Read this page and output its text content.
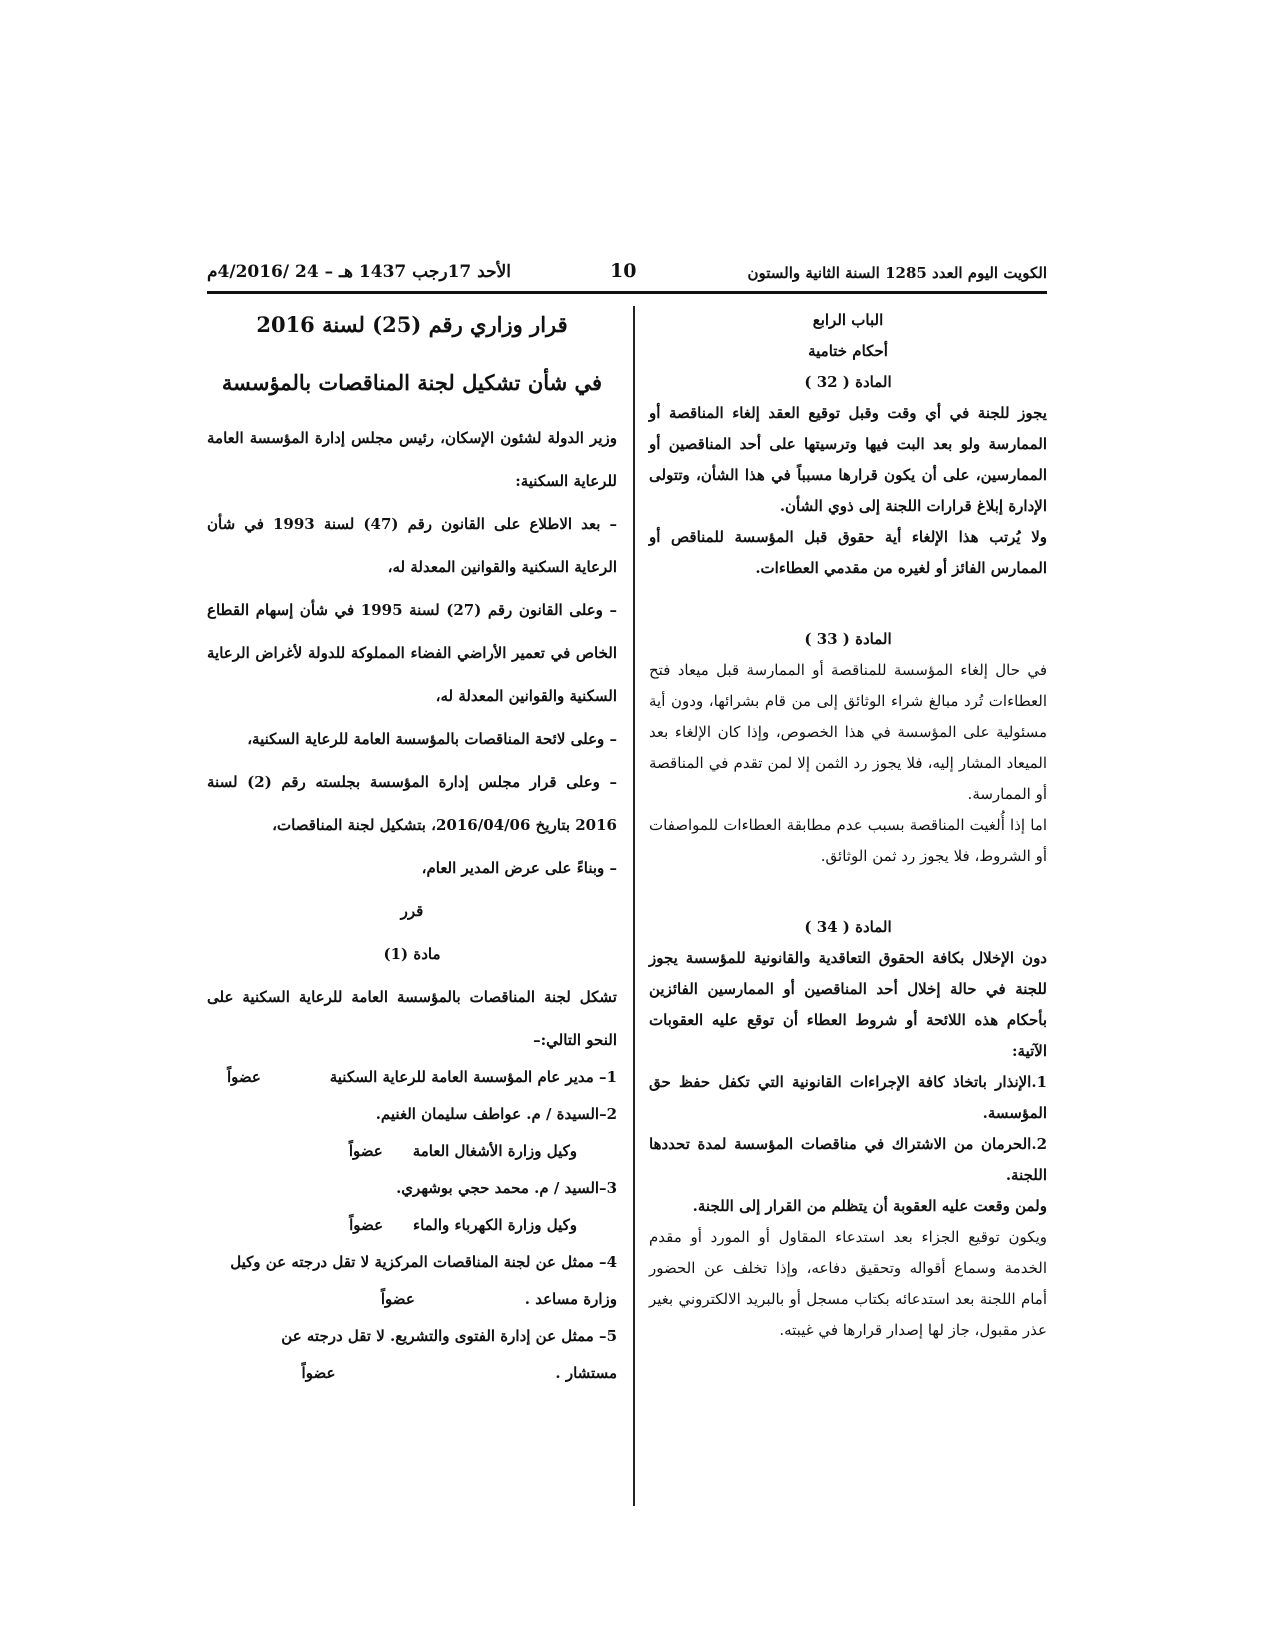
الكويت اليوم العدد 1285 السنة الثانية والستون
10
الأحد 17رجب 1437 هـ – 24 /4/2016م

الباب الرابع

أحكام ختامية

المادة ( 32 )

يجوز للجنة في أي وقت وقبل توقيع العقد إلغاء المناقصة أو الممارسة ولو بعد البت فيها وترسيتها على أحد المناقصين أو الممارسين، على أن يكون قرارها مسبباً في هذا الشأن، وتتولى الإدارة إبلاغ قرارات اللجنة إلى ذوي الشأن.

ولا يُرتب هذا الإلغاء أية حقوق قبل المؤسسة للمناقص أو الممارس الفائز أو لغيره من مقدمي العطاءات.

المادة ( 33 )

في حال إلغاء المؤسسة للمناقصة أو الممارسة قبل ميعاد فتح العطاءات تُرد مبالغ شراء الوثائق إلى من قام بشرائها، ودون أية مسئولية على المؤسسة في هذا الخصوص، وإذا كان الإلغاء بعد الميعاد المشار إليه، فلا يجوز رد الثمن إلا لمن تقدم في المناقصة أو الممارسة.

اما إذا أُلغيت المناقصة بسبب عدم مطابقة العطاءات للمواصفات أو الشروط، فلا يجوز رد ثمن الوثائق.

المادة ( 34 )

دون الإخلال بكافة الحقوق التعاقدية والقانونية للمؤسسة يجوز للجنة في حالة إخلال أحد المناقصين أو الممارسين الفائزين بأحكام هذه اللائحة أو شروط العطاء أن توقع عليه العقوبات الآتية:

1.الإنذار باتخاذ كافة الإجراءات القانونية التي تكفل حفظ حق المؤسسة.

2.الحرمان من الاشتراك في مناقصات المؤسسة لمدة تحددها اللجنة.

ولمن وقعت عليه العقوبة أن يتظلم من القرار إلى اللجنة.

ويكون توقيع الجزاء بعد استدعاء المقاول أو المورد أو مقدم الخدمة وسماع أقواله وتحقيق دفاعه، وإذا تخلف عن الحضور أمام اللجنة بعد استدعائه بكتاب مسجل أو بالبريد الالكتروني بغير عذر مقبول، جاز لها إصدار قرارها في غيبته.

قرار وزاري رقم (25) لسنة 2016
في شأن تشكيل لجنة المناقصات بالمؤسسة

وزير الدولة لشئون الإسكان، رئيس مجلس إدارة المؤسسة العامة للرعاية السكنية:

– بعد الاطلاع على القانون رقم (47) لسنة 1993 في شأن الرعاية السكنية والقوانين المعدلة له،

– وعلى القانون رقم (27) لسنة 1995 في شأن إسهام القطاع الخاص في تعمير الأراضي الفضاء المملوكة للدولة لأغراض الرعاية السكنية والقوانين المعدلة له،

– وعلى لائحة المناقصات بالمؤسسة العامة للرعاية السكنية،

– وعلى قرار مجلس إدارة المؤسسة بجلسته رقم (2) لسنة 2016 بتاريخ 2016/04/06، بتشكيل لجنة المناقصات،

– وبناءً على عرض المدير العام،

قرر

مادة (1)

تشكل لجنة المناقصات بالمؤسسة العامة للرعاية السكنية على النحو التالي:–

1– مدير عام المؤسسة العامة للرعاية السكنية
عضواً

2–السيدة / م. عواطف سليمان الغنيم.

وكيل وزارة الأشغال العامة
عضواً

3–السيد / م. محمد حجي بوشهري.

وكيل وزارة الكهرباء والماء
عضواً

4– ممثل عن لجنة المناقصات المركزية لا تقل درجته عن وكيل

وزارة مساعد .
عضواً

5– ممثل عن إدارة الفتوى والتشريع. لا تقل درجته عن

مستشار .
عضواً
